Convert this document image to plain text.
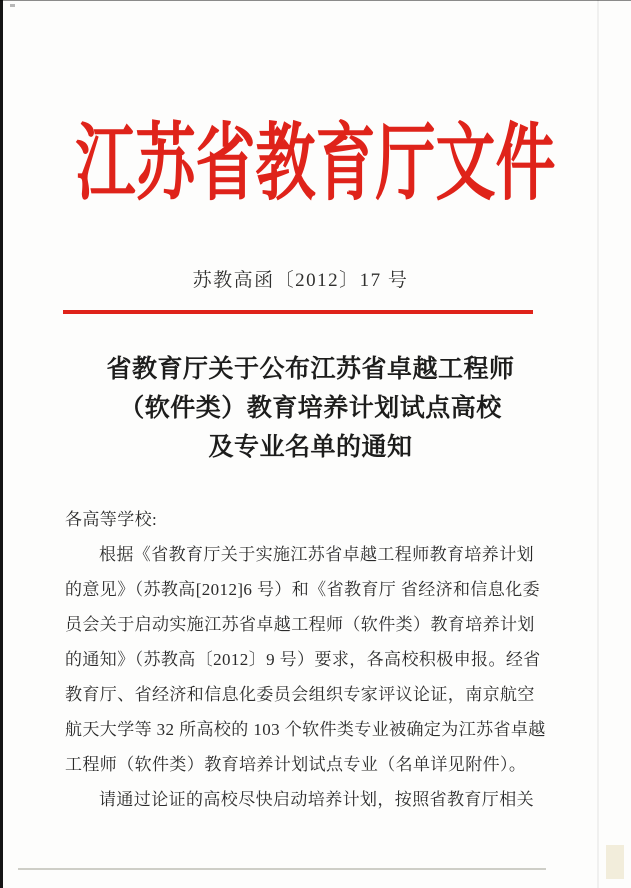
江苏省教育厅文件
苏教高函〔2012〕17 号
省教育厅关于公布江苏省卓越工程师
（软件类）教育培养计划试点高校
及专业名单的通知
各高等学校:
根据《省教育厅关于实施江苏省卓越工程师教育培养计划
的意见》（苏教高[2012]6 号）和《省教育厅 省经济和信息化委
员会关于启动实施江苏省卓越工程师（软件类）教育培养计划
的通知》（苏教高〔2012〕9 号）要求，各高校积极申报。经省
教育厅、省经济和信息化委员会组织专家评议论证，南京航空
航天大学等 32 所高校的 103 个软件类专业被确定为江苏省卓越
工程师（软件类）教育培养计划试点专业（名单详见附件）。
请通过论证的高校尽快启动培养计划，按照省教育厅相关
